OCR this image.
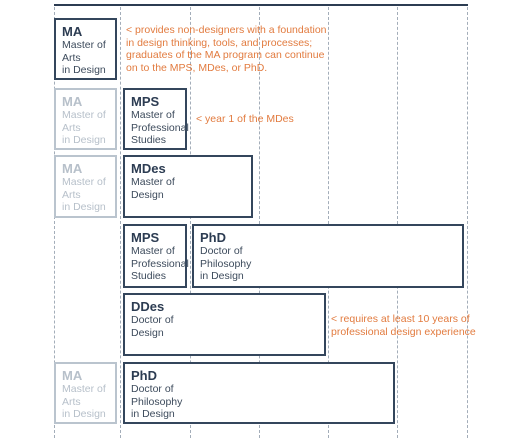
MA
Master of
Arts
in Design
< provides non-designers with a foundation
in design thinking, tools, and processes;
graduates of the MA program can continue
on to the MPS, MDes, or PhD.
MA
Master of
Arts
in Design
MPS
Master of
Professional
Studies
< year 1 of the MDes
MA
Master of
Arts
in Design
MDes
Master of
Design
MPS
Master of
Professional
Studies
PhD
Doctor of
Philosophy
in Design
DDes
Doctor of
Design
< requires at least 10 years of
professional design experience
MA
Master of
Arts
in Design
PhD
Doctor of
Philosophy
in Design
